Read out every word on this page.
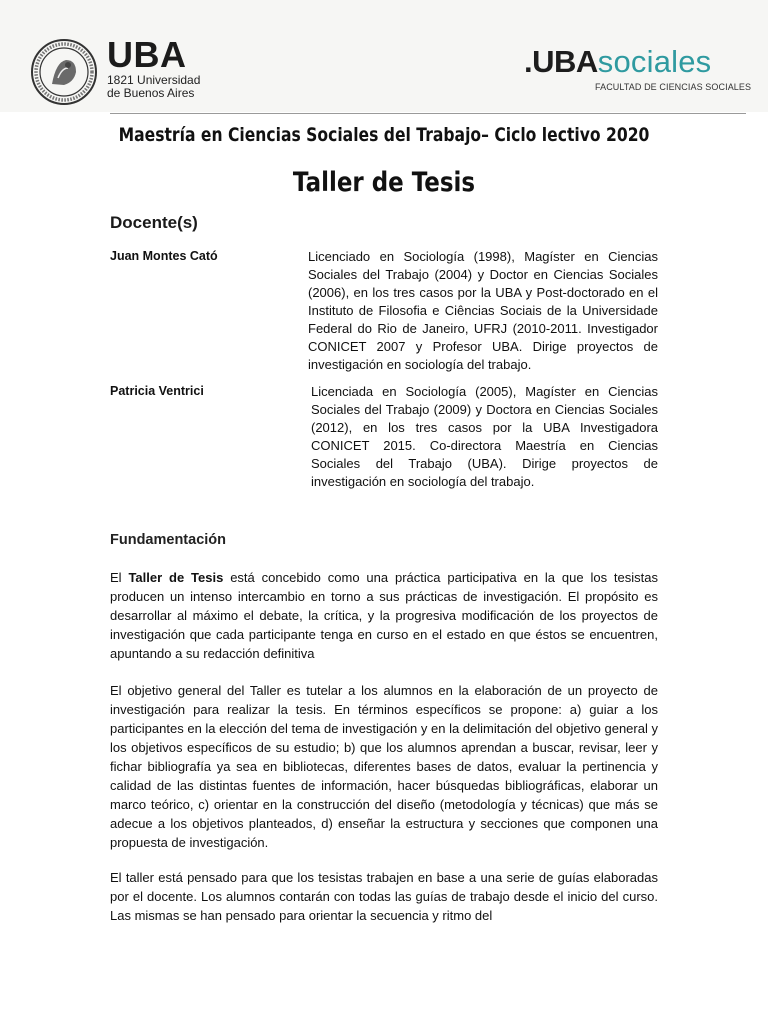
UBA
1821 Universidad
de Buenos Aires
.UBAsociales
FACULTAD DE CIENCIAS SOCIALES
Maestría en Ciencias Sociales del Trabajo– Ciclo lectivo 2020
Taller de Tesis
Docente(s)
Juan Montes Cató	Licenciado en Sociología (1998), Magíster en Ciencias Sociales del Trabajo (2004) y Doctor en Ciencias Sociales (2006), en los tres casos por la UBA y Post-doctorado en el Instituto de Filosofia e Ciências Sociais de la Universidade Federal do Rio de Janeiro, UFRJ (2010-2011. Investigador CONICET 2007 y Profesor UBA. Dirige proyectos de investigación en sociología del trabajo.
Patricia Ventrici	Licenciada en Sociología (2005), Magíster en Ciencias Sociales del Trabajo (2009) y Doctora en Ciencias Sociales (2012), en los tres casos por la UBA Investigadora CONICET 2015. Co-directora Maestría en Ciencias Sociales del Trabajo (UBA). Dirige proyectos de investigación en sociología del trabajo.
Fundamentación
El Taller de Tesis está concebido como una práctica participativa en la que los tesistas producen un intenso intercambio en torno a sus prácticas de investigación. El propósito es desarrollar al máximo el debate, la crítica, y la progresiva modificación de los proyectos de investigación que cada participante tenga en curso en el estado en que éstos se encuentren, apuntando a su redacción definitiva
El objetivo general del Taller es tutelar a los alumnos en la elaboración de un proyecto de investigación para realizar la tesis. En términos específicos se propone: a) guiar a los participantes en la elección del tema de investigación y en la delimitación del objetivo general y los objetivos específicos de su estudio; b) que los alumnos aprendan a buscar, revisar, leer y fichar bibliografía ya sea en bibliotecas, diferentes bases de datos, evaluar la pertinencia y calidad de las distintas fuentes de información, hacer búsquedas bibliográficas, elaborar un marco teórico, c) orientar en la construcción del diseño (metodología y técnicas) que más se adecue a los objetivos planteados, d) enseñar la estructura y secciones que componen una propuesta de investigación.
El taller está pensado para que los tesistas trabajen en base a una serie de guías elaboradas por el docente. Los alumnos contarán con todas las guías de trabajo desde el inicio del curso. Las mismas se han pensado para orientar la secuencia y ritmo del
